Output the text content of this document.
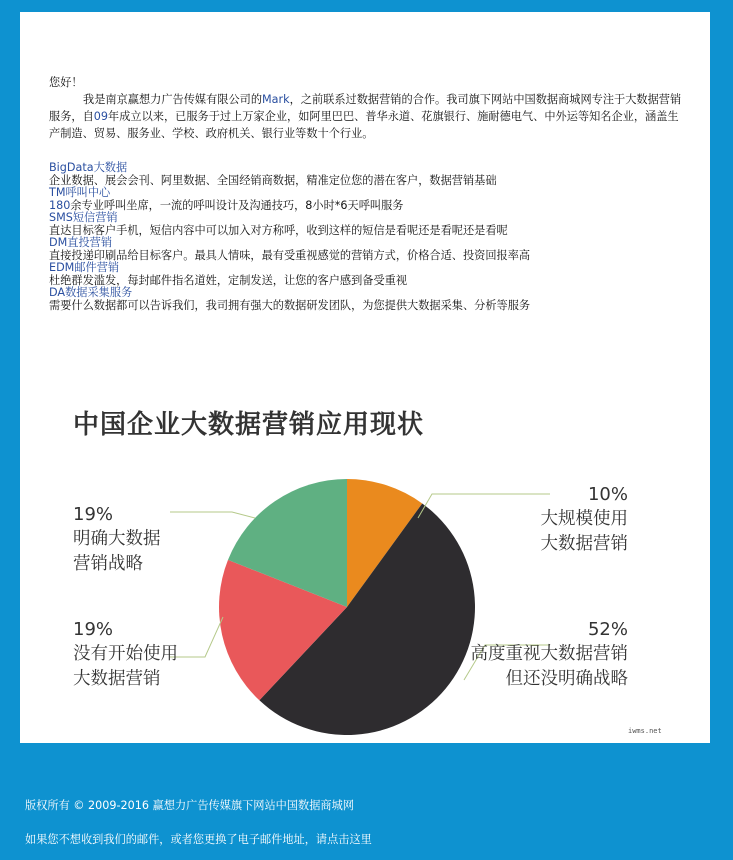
您好！

我是南京赢想力广告传媒有限公司的Mark，之前联系过数据营销的合作。我司旗下网站中国数据商城网专注于大数据营销服务，自09年成立以来，已服务于过上万家企业，如阿里巴巴、普华永道、花旗银行、施耐德电气、中外运等知名企业，涵盖生产制造、贸易、服务业、学校、政府机关、银行业等数十个行业。

BigData大数据
企业数据、展会会刊、阿里数据、全国经销商数据，精准定位您的潜在客户，数据营销基础
TM呼叫中心
180余专业呼叫坐席，一流的呼叫设计及沟通技巧，8小时*6天呼叫服务
SMS短信营销
直达目标客户手机，短信内容中可以加入对方称呼，收到这样的短信是看呢还是看呢还是看呢
DM直投营销
直接投递印刷品给目标客户。最具人情味，最有受重视感觉的营销方式，价格合适、投资回报率高
EDM邮件营销
杜绝群发滥发，每封邮件指名道姓，定制发送，让您的客户感到备受重视
DA数据采集服务
需要什么数据都可以告诉我们，我司拥有强大的数据研发团队，为您提供大数据采集、分析等服务
中国企业大数据营销应用现状
10%
大规模使用
大数据营销
52%
高度重视大数据营销
但还没明确战略
19%
没有开始使用
大数据营销
19%
明确大数据
营销战略
iwms.net
版权所有 © 2009-2016 赢想力广告传媒旗下网站中国数据商城网
如果您不想收到我们的邮件，或者您更换了电子邮件地址，请点击这里
